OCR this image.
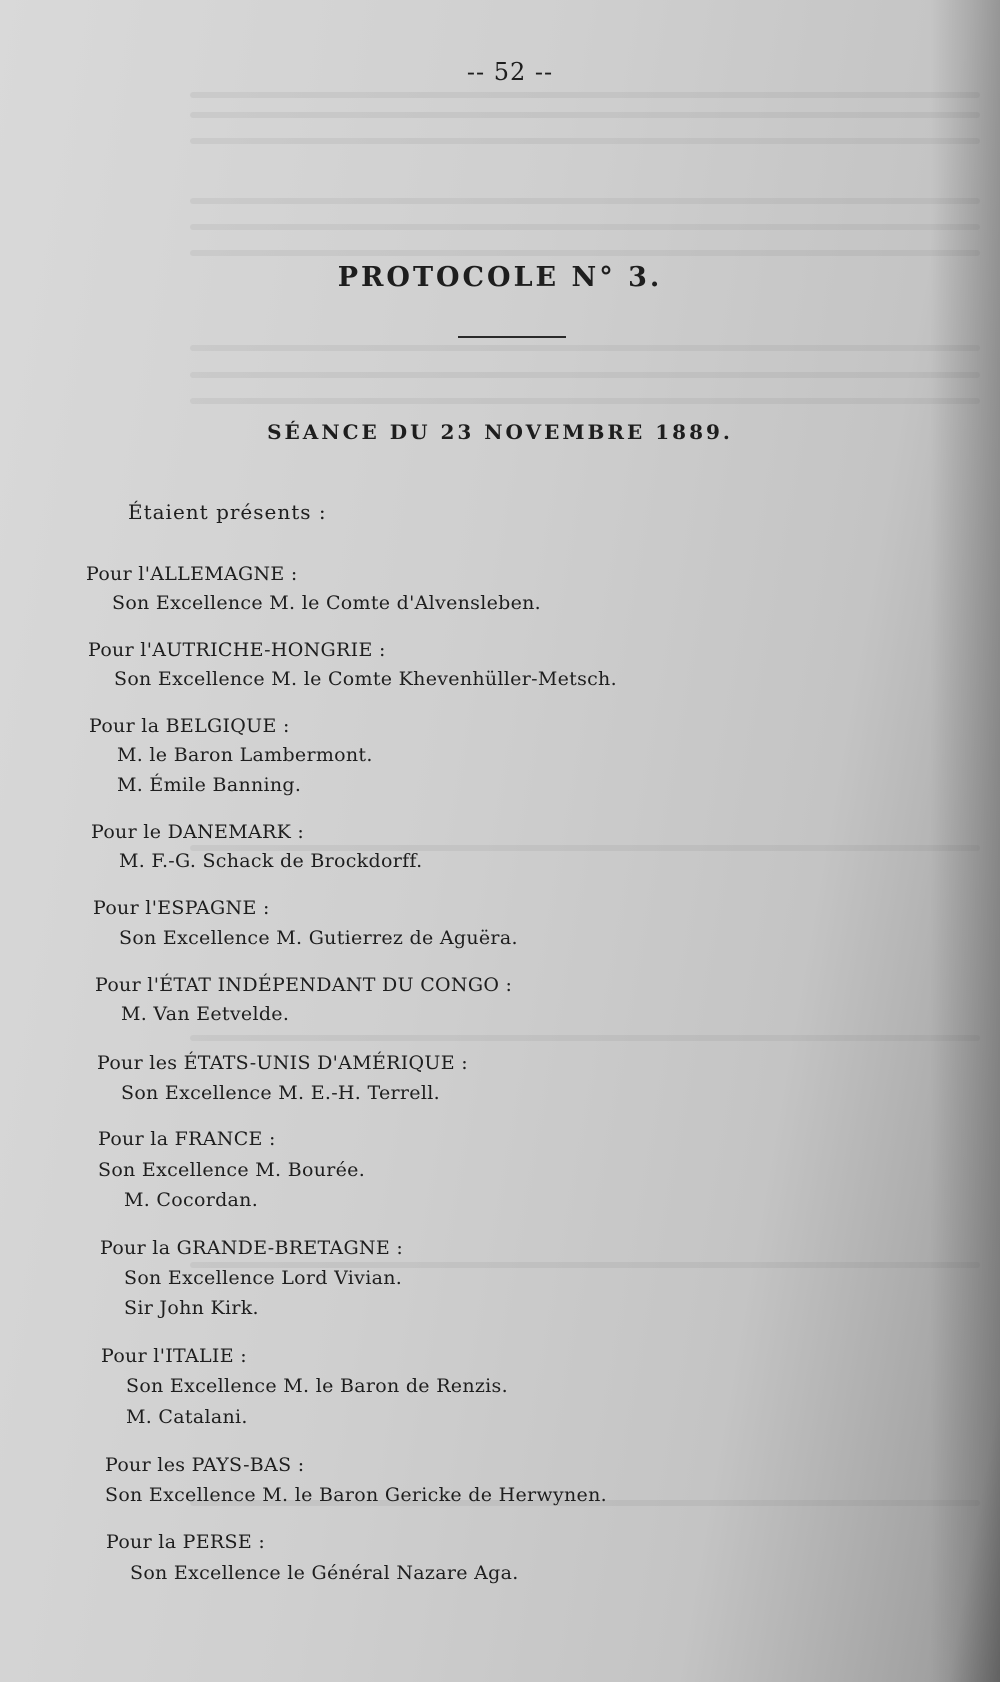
-- 52 --
PROTOCOLE N° 3.
SÉANCE DU 23 NOVEMBRE 1889.
Étaient présents :
Pour l'ALLEMAGNE :
Son Excellence M. le Comte d'Alvensleben.
Pour l'AUTRICHE-HONGRIE :
Son Excellence M. le Comte Khevenhüller-Metsch.
Pour la BELGIQUE :
M. le Baron Lambermont.
M. Émile Banning.
Pour le DANEMARK :
M. F.-G. Schack de Brockdorff.
Pour l'ESPAGNE :
Son Excellence M. Gutierrez de Aguëra.
Pour l'ÉTAT INDÉPENDANT DU CONGO :
M. Van Eetvelde.
Pour les ÉTATS-UNIS D'AMÉRIQUE :
Son Excellence M. E.-H. Terrell.
Pour la FRANCE :
Son Excellence M. Bourée.
M. Cocordan.
Pour la GRANDE-BRETAGNE :
Son Excellence Lord Vivian.
Sir John Kirk.
Pour l'ITALIE :
Son Excellence M. le Baron de Renzis.
M. Catalani.
Pour les PAYS-BAS :
Son Excellence M. le Baron Gericke de Herwynen.
Pour la PERSE :
Son Excellence le Général Nazare Aga.
